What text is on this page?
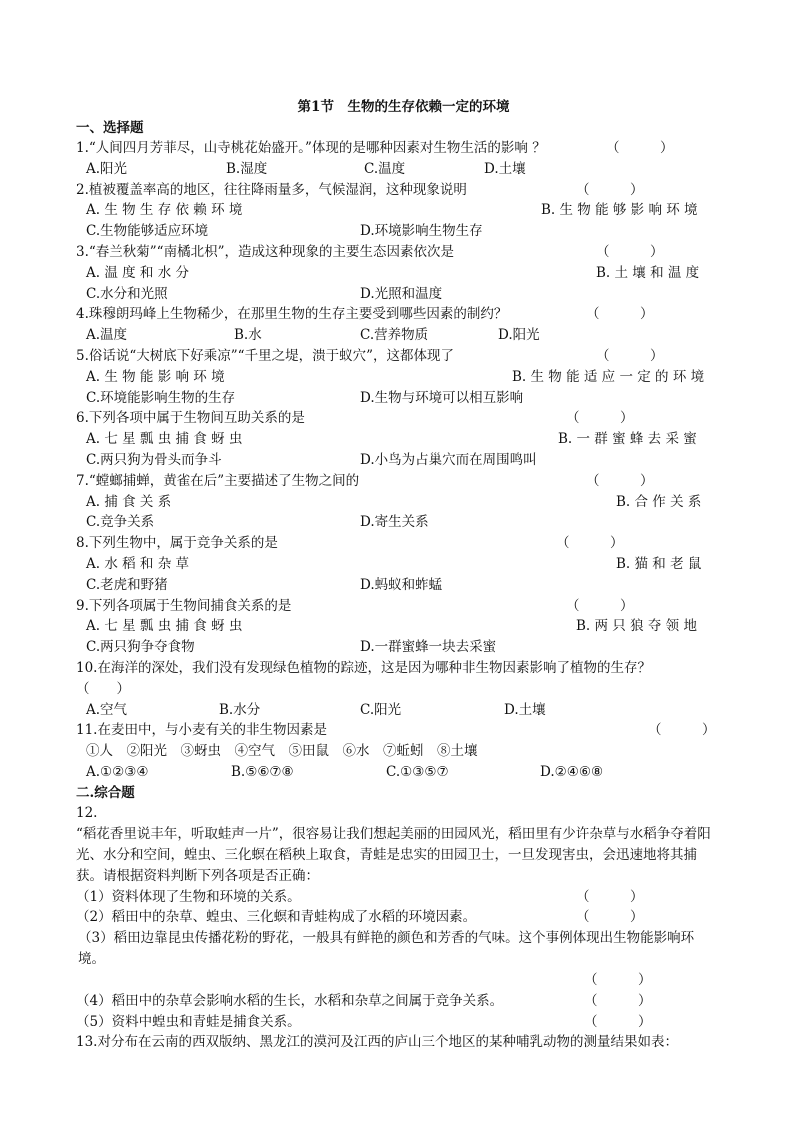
第1节　生物的生存依赖一定的环境
一、选择题
1.“人间四月芳菲尽，山寺桃花始盛开。”体现的是哪种因素对生物生活的影响 ？	（　　　）
A.阳光	B.湿度	C.温度	D.土壤
2.植被覆盖率高的地区，往往降雨量多，气候湿润，这种现象说明	（　　　）
A. 生 物 生 存 依 赖 环 境	B. 生 物 能 够 影 响 环 境
C.生物能够适应环境	D.环境影响生物生存
3.“春兰秋菊”“南橘北枳”，造成这种现象的主要生态因素依次是	（　　　）
A. 温 度 和 水 分	B. 土 壤 和 温 度
C.水分和光照	D.光照和温度
4.珠穆朗玛峰上生物稀少，在那里生物的生存主要受到哪些因素的制约？	（　　　）
A.温度	B.水	C.营养物质	D.阳光
5.俗话说“大树底下好乘凉”“千里之堤，溃于蚁穴”，这都体现了	（　　　）
A. 生 物 能 影 响 环 境	B. 生 物 能 适 应 一 定 的 环 境
C.环境能影响生物的生存	D.生物与环境可以相互影响
6.下列各项中属于生物间互助关系的是	（　　　）
A. 七 星 瓢 虫 捕 食 蚜 虫	B. 一 群 蜜 蜂 去 采 蜜
C.两只狗为骨头而争斗	D.小鸟为占巢穴而在周围鸣叫
7.“螳螂捕蝉，黄雀在后”主要描述了生物之间的	（　　　）
A. 捕 食 关 系	B. 合 作 关 系
C.竞争关系	D.寄生关系
8.下列生物中，属于竞争关系的是	（　　　）
A. 水 稻 和 杂 草	B. 猫 和 老 鼠
C.老虎和野猪	D.蚂蚁和蚱蜢
9.下列各项属于生物间捕食关系的是	（　　　）
A. 七 星 瓢 虫 捕 食 蚜 虫	B. 两 只 狼 夺 领 地
C.两只狗争夺食物	D.一群蜜蜂一块去采蜜
10.在海洋的深处，我们没有发现绿色植物的踪迹，这是因为哪种非生物因素影响了植物的生存？
（　　）
A.空气	B.水分	C.阳光	D.土壤
11.在麦田中，与小麦有关的非生物因素是	（　　　）
①人　②阳光　③蚜虫　④空气　⑤田鼠　⑥水　⑦蚯蚓　⑧土壤
A.①②③④	B.⑤⑥⑦⑧	C.①③⑤⑦	D.②④⑥⑧
二.综合题
12.
“稻花香里说丰年，听取蛙声一片”，很容易让我们想起美丽的田园风光，稻田里有少许杂草与水稻争夺着阳光、水分和空间，蝗虫、三化螟在稻秧上取食，青蛙是忠实的田园卫士，一旦发现害虫，会迅速地将其捕获。请根据资料判断下列各项是否正确：
（1）资料体现了生物和环境的关系。	（　　　）
（2）稻田中的杂草、蝗虫、三化螟和青蛙构成了水稻的环境因素。	（　　　）
（3）稻田边靠昆虫传播花粉的野花，一般具有鲜艳的颜色和芳香的气味。这个事例体现出生物能影响环境。
（　　　）
（4）稻田中的杂草会影响水稻的生长，水稻和杂草之间属于竞争关系。	（　　　）
（5）资料中蝗虫和青蛙是捕食关系。	（　　　）
13.对分布在云南的西双版纳、黑龙江的漠河及江西的庐山三个地区的某种哺乳动物的测量结果如表：
